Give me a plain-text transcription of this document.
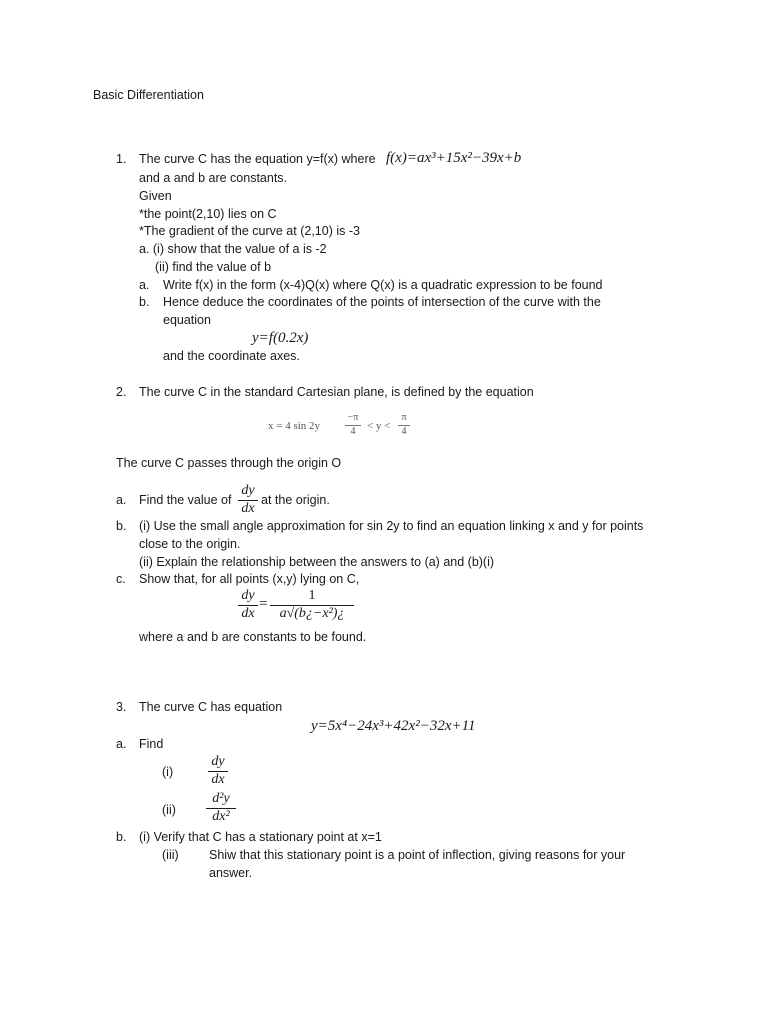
Basic Differentiation
1. The curve C has the equation y=f(x) where f(x)=ax³+15x²−39x+b
and a and b are constants.
Given
*the point(2,10) lies on C
*The gradient of the curve at (2,10) is -3
a. (i) show that the value of a is -2
(ii) find the value of b
a. Write f(x) in the form (x-4)Q(x) where Q(x) is a quadratic expression to be found
b. Hence deduce the coordinates of the points of intersection of the curve with the
equation
y=f(0.2x)
and the coordinate axes.
2. The curve C in the standard Cartesian plane, is defined by the equation
x = 4 sin 2y
−π
4	< y <
π
4
The curve C passes through the origin O
a. Find the value of
dy
dx
at the origin.
b. (i) Use the small angle approximation for sin 2y to find an equation linking x and y for points
close to the origin.
(ii) Explain the relationship between the answers to (a) and (b)(i)
c. Show that, for all points (x,y) lying on C,
dy
dx
=
1
a√(b¿−x²)¿
where a and b are constants to be found.
3. The curve C has equation
y=5x⁴−24x³+42x²−32x+11
a. Find
(i)
dy
dx
(ii)
d²y
dx²
b. (i) Verify that C has a stationary point at x=1
(iii) Shiw that this stationary point is a point of inflection, giving reasons for your
answer.
